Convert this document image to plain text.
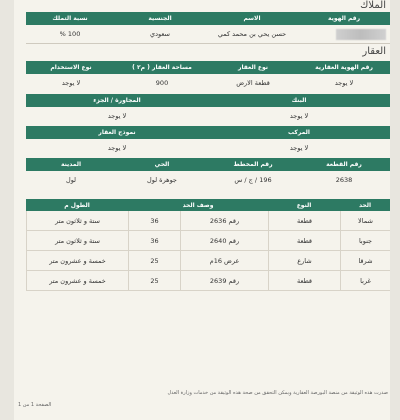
الملاك
رقم الهوية
الاسم
الجنسية
نسبة التملك
حسن يحي بن محمد كمي
سعودي
100 %
العقار
رقم الهوية العقارية
نوع العقار
مساحة العقار ( م٢ )
نوع الاستخدام
لا يوجد
قطعة الارض
900
لا يوجد
البنك
المجاورة / الجزء
لا يوجد
لا يوجد
المركب
نموذج العقار
لا يوجد
لا يوجد
رقم القطعة
رقم المخطط
الحي
المدينة
2638
196 / ج / س
جوهرة لول
لول
الحد
النوع
وصف الحد
الطول م
شمالا
قطعة
رقم 2636
36
ستة و ثلاثون متر
جنوبا
قطعة
رقم 2640
36
ستة و ثلاثون متر
شرقا
شارع
عرض 16م
25
خمسة و عشرون متر
غربا
قطعة
رقم 2639
25
خمسة و عشرون متر
صدرت هذه الوثيقة من منصة البورصة العقارية ويمكن التحقق من صحة هذه الوثيقة من خدمات وزارة العدل
الصفحة 1 من 1
